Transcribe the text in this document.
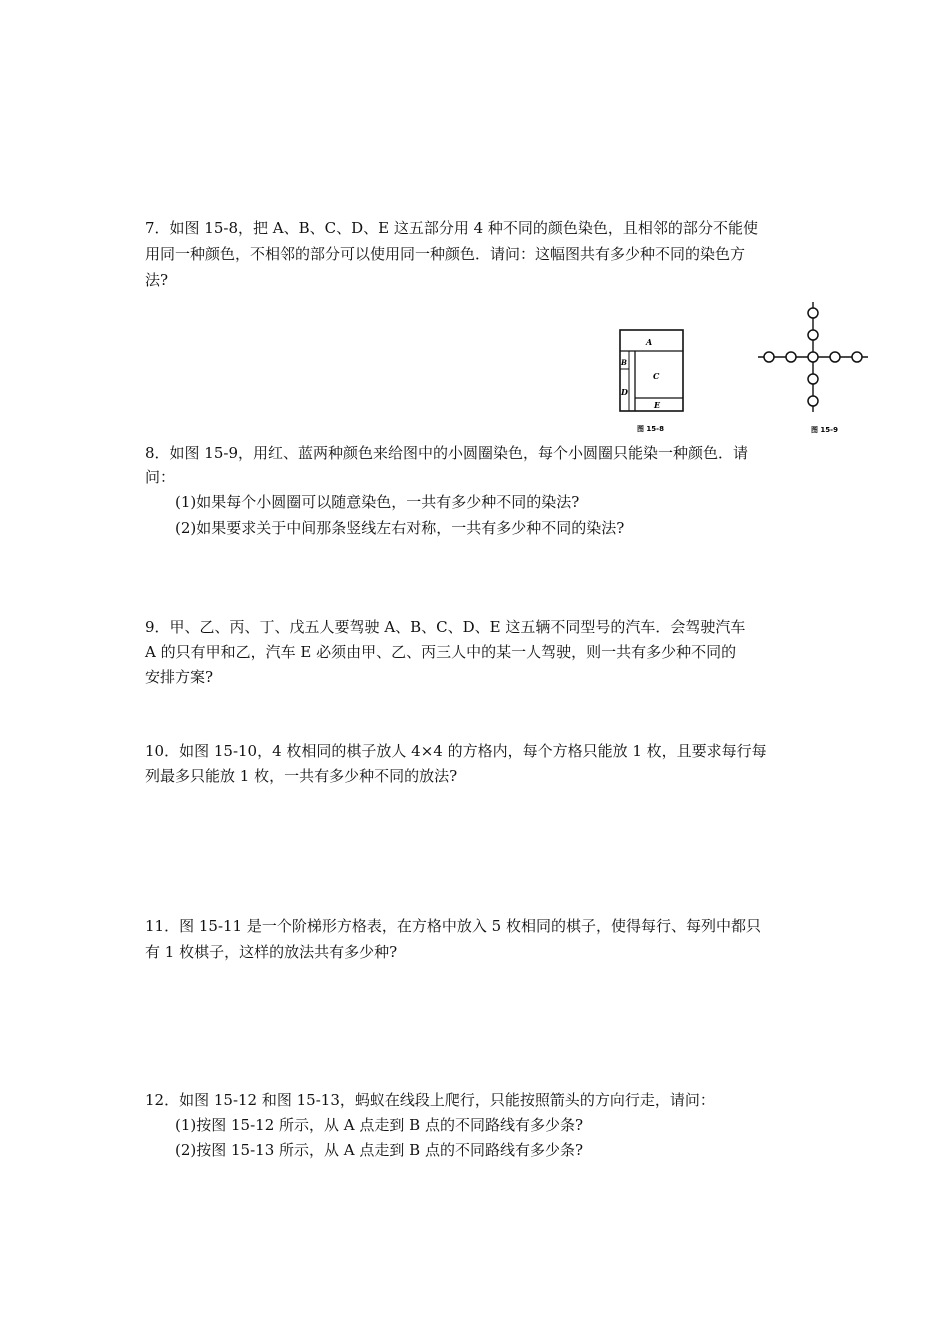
7．如图 15-8，把 A、B、C、D、E 这五部分用 4 种不同的颜色染色，且相邻的部分不能使
用同一种颜色，不相邻的部分可以使用同一种颜色．请问：这幅图共有多少种不同的染色方
法?
A
B
C
D
E
图 15-8	图 15-9
8．如图 15-9，用红、蓝两种颜色来给图中的小圆圈染色，每个小圆圈只能染一种颜色．请
问：
(1)如果每个小圆圈可以随意染色，一共有多少种不同的染法?
(2)如果要求关于中间那条竖线左右对称，一共有多少种不同的染法?
9．甲、乙、丙、丁、戊五人要驾驶 A、B、C、D、E 这五辆不同型号的汽车．会驾驶汽车
A 的只有甲和乙，汽车 E 必须由甲、乙、丙三人中的某一人驾驶，则一共有多少种不同的
安排方案?
10．如图 15-10，4 枚相同的棋子放人 4×4 的方格内，每个方格只能放 1 枚，且要求每行每
列最多只能放 1 枚，一共有多少种不同的放法?
11．图 15-11 是一个阶梯形方格表，在方格中放入 5 枚相同的棋子，使得每行、每列中都只
有 1 枚棋子，这样的放法共有多少种?
12．如图 15-12 和图 15-13，蚂蚁在线段上爬行，只能按照箭头的方向行走，请问：
(1)按图 15-12 所示，从 A 点走到 B 点的不同路线有多少条?
(2)按图 15-13 所示，从 A 点走到 B 点的不同路线有多少条?
